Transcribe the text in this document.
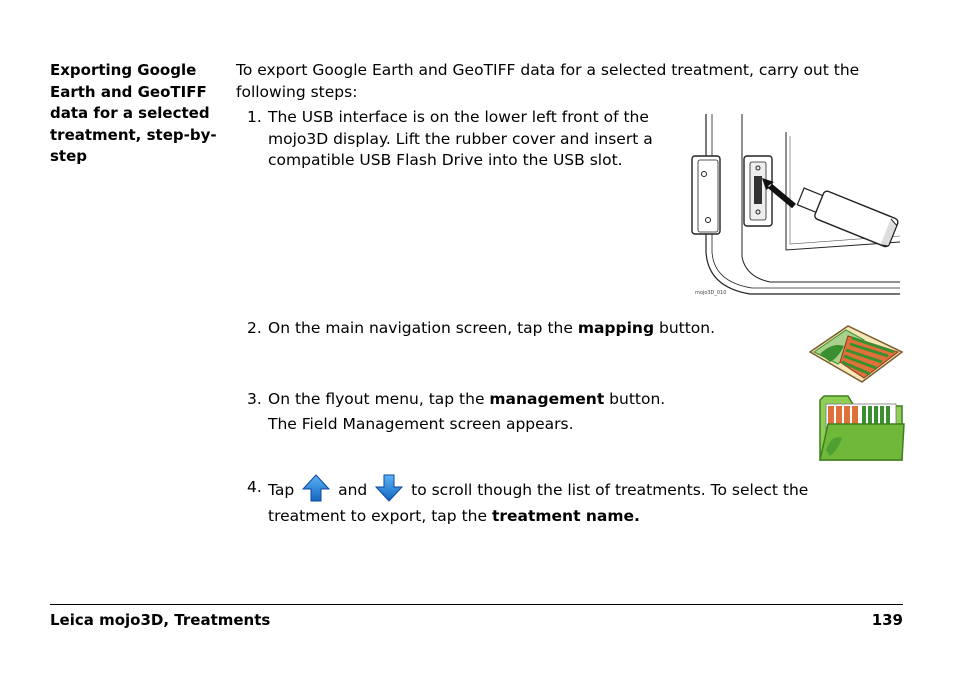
Exporting Google Earth and GeoTIFF data for a selected treatment, step-by-step
To export Google Earth and GeoTIFF data for a selected treatment, carry out the following steps:
1. The USB interface is on the lower left front of the mojo3D display. Lift the rubber cover and insert a compatible USB Flash Drive into the USB slot.
mojo3D_010
2. On the main navigation screen, tap the mapping button.
3. On the flyout menu, tap the management button.
The Field Management screen appears.
4. Tap
and
to scroll though the list of treatments. To select the treatment to export, tap the treatment name.
Leica mojo3D, Treatments	139
